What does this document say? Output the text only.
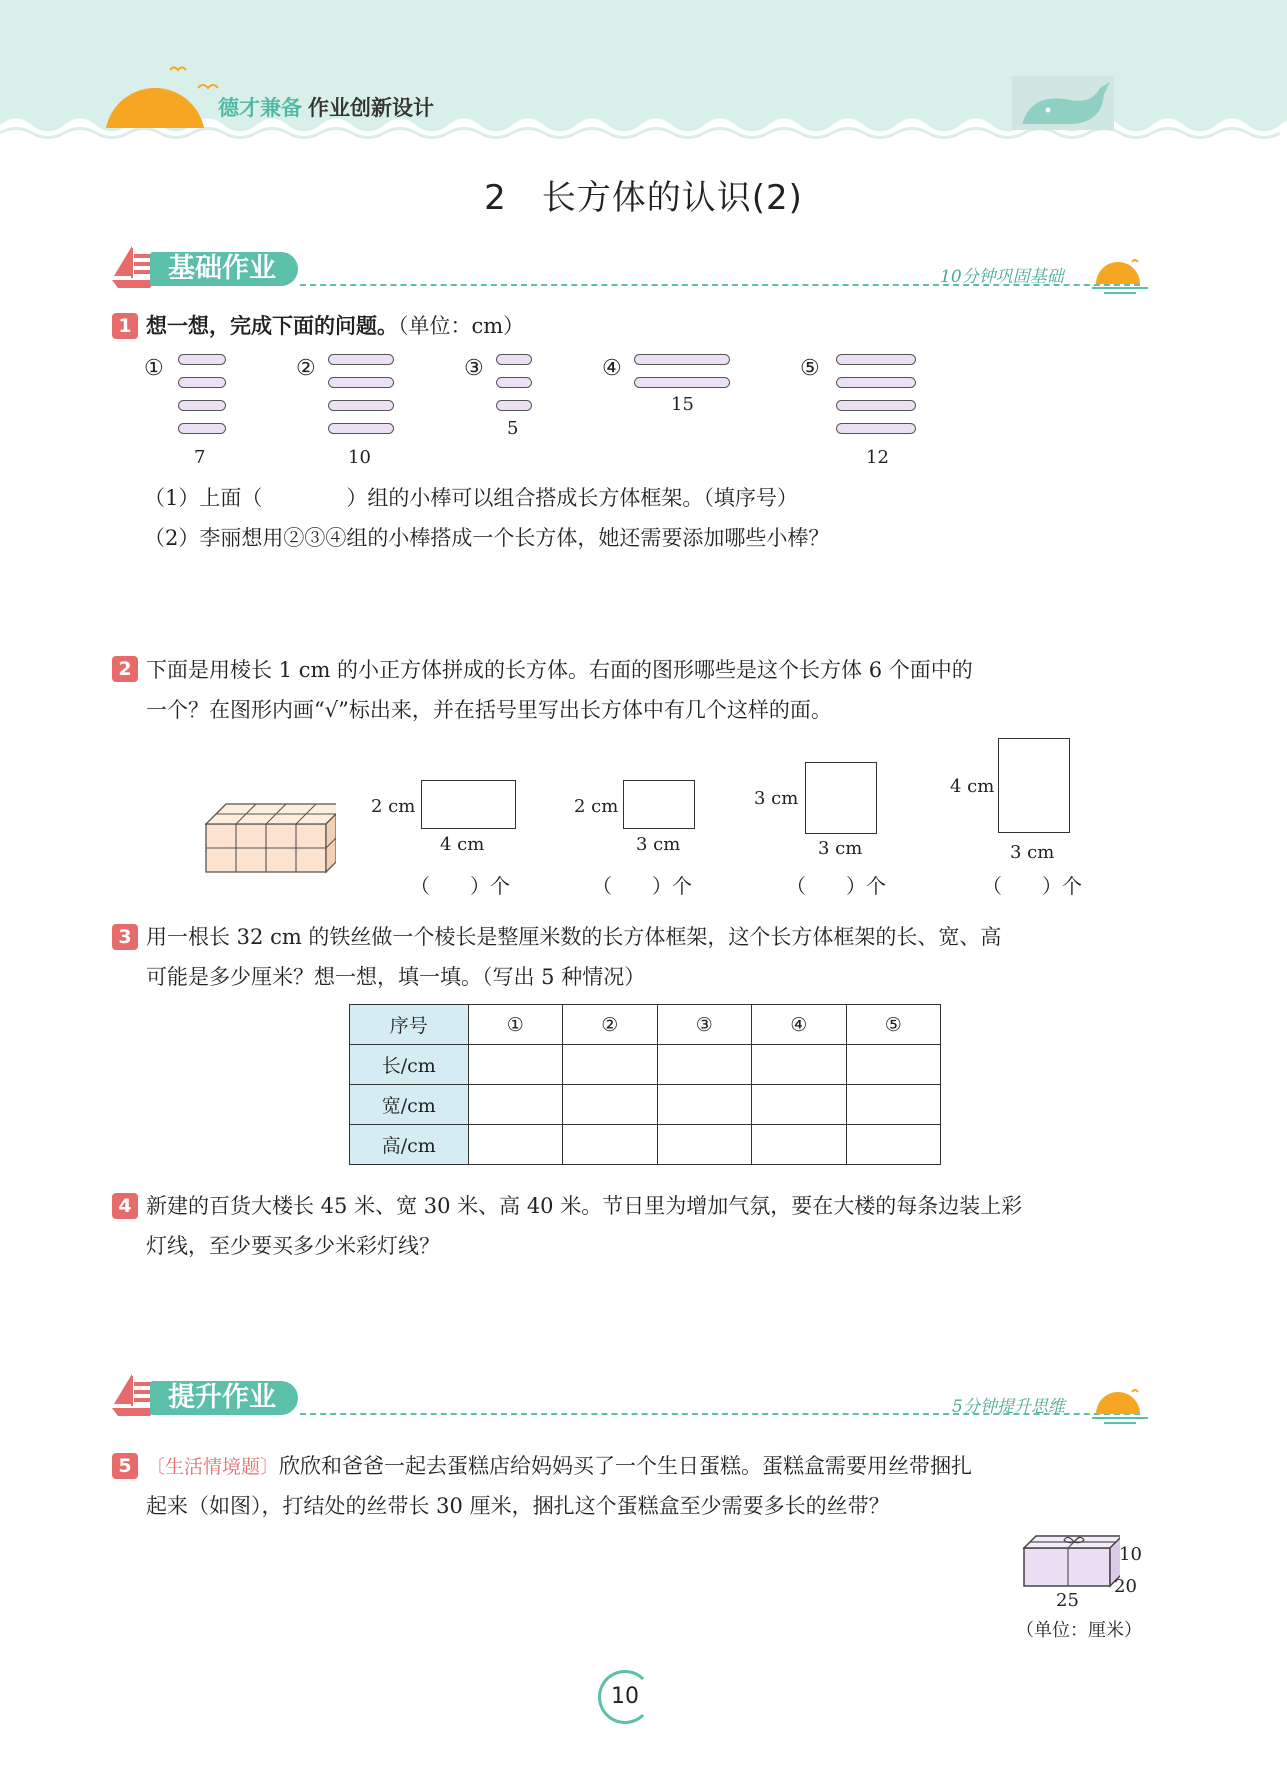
德才兼备 作业创新设计
2　长方体的认识(2)
基础作业	10分钟巩固基础
1 想一想，完成下面的问题。（单位：cm）
①
7
②
10
③
5
④
15
⑤
12
（1）上面（　　　　）组的小棒可以组合搭成长方体框架。（填序号）
（2）李丽想用②③④组的小棒搭成一个长方体，她还需要添加哪些小棒？
2 下面是用棱长 1 cm 的小正方体拼成的长方体。右面的图形哪些是这个长方体 6 个面中的
一个？在图形内画“√”标出来，并在括号里写出长方体中有几个这样的面。
2 cm
4 cm
（　　）个
2 cm
3 cm
（　　）个
3 cm
3 cm
（　　）个
4 cm
3 cm
（　　）个
3 用一根长 32 cm 的铁丝做一个棱长是整厘米数的长方体框架，这个长方体框架的长、宽、高
可能是多少厘米？想一想，填一填。（写出 5 种情况）
序号	①	②	③	④	⑤
长/cm					
宽/cm					
高/cm					
4 新建的百货大楼长 45 米、宽 30 米、高 40 米。节日里为增加气氛，要在大楼的每条边装上彩
灯线，至少要买多少米彩灯线？
提升作业	5分钟提升思维
5 〔生活情境题〕欣欣和爸爸一起去蛋糕店给妈妈买了一个生日蛋糕。蛋糕盒需要用丝带捆扎
起来（如图），打结处的丝带长 30 厘米，捆扎这个蛋糕盒至少需要多长的丝带？
10
20
25
（单位：厘米）
10
